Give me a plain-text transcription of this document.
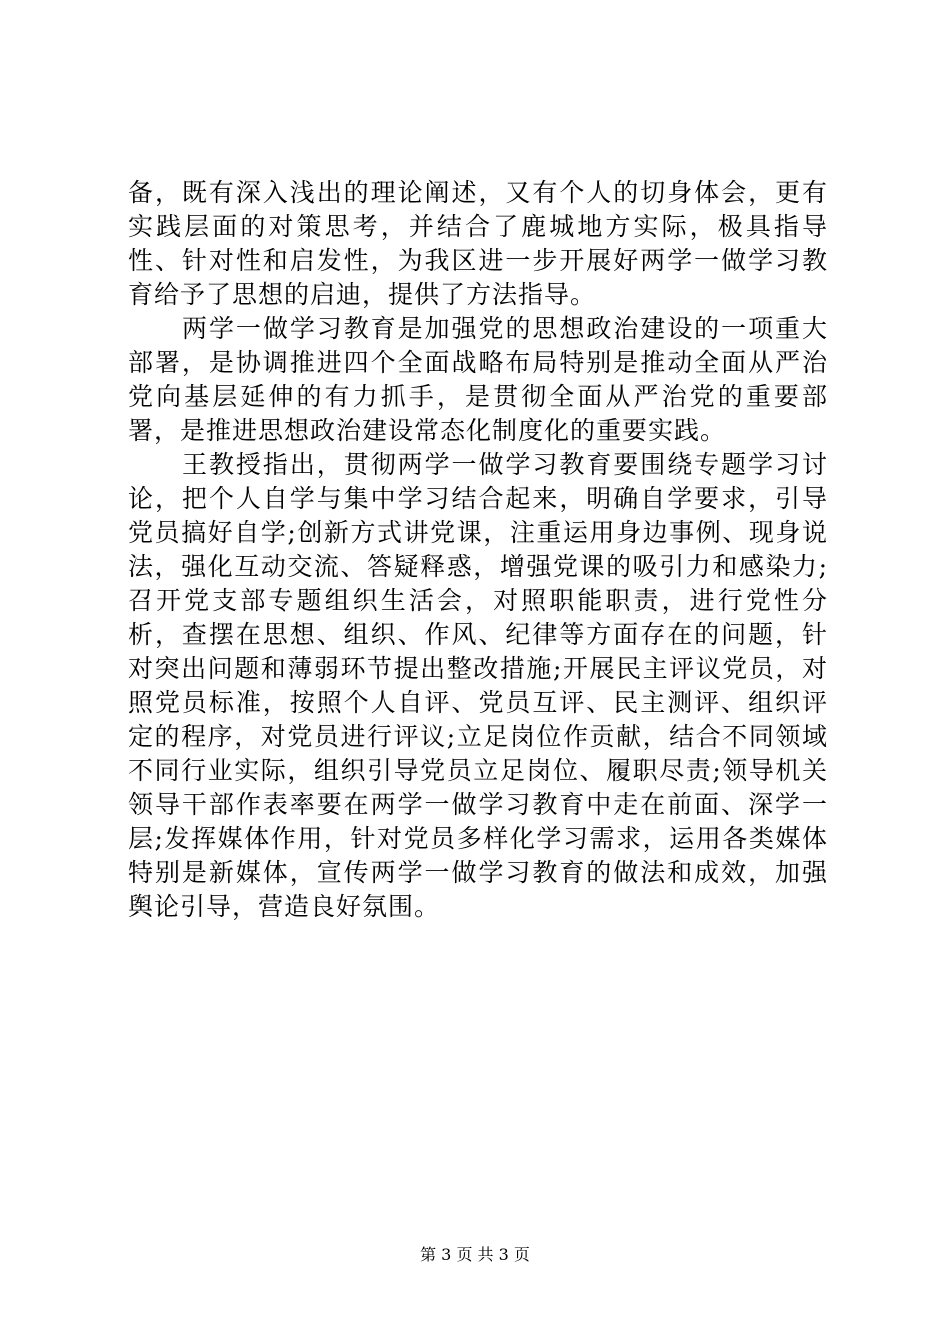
备，既有深入浅出的理论阐述，又有个人的切身体会，更有实践层面的对策思考，并结合了鹿城地方实际，极具指导性、针对性和启发性，为我区进一步开展好两学一做学习教育给予了思想的启迪，提供了方法指导。

两学一做学习教育是加强党的思想政治建设的一项重大部署，是协调推进四个全面战略布局特别是推动全面从严治党向基层延伸的有力抓手，是贯彻全面从严治党的重要部署，是推进思想政治建设常态化制度化的重要实践。

王教授指出，贯彻两学一做学习教育要围绕专题学习讨论，把个人自学与集中学习结合起来，明确自学要求，引导党员搞好自学;创新方式讲党课，注重运用身边事例、现身说法，强化互动交流、答疑释惑，增强党课的吸引力和感染力;召开党支部专题组织生活会，对照职能职责，进行党性分析，查摆在思想、组织、作风、纪律等方面存在的问题，针对突出问题和薄弱环节提出整改措施;开展民主评议党员，对照党员标准，按照个人自评、党员互评、民主测评、组织评定的程序，对党员进行评议;立足岗位作贡献，结合不同领域不同行业实际，组织引导党员立足岗位、履职尽责;领导机关领导干部作表率要在两学一做学习教育中走在前面、深学一层;发挥媒体作用，针对党员多样化学习需求，运用各类媒体特别是新媒体，宣传两学一做学习教育的做法和成效，加强舆论引导，营造良好氛围。

第 3 页 共 3 页
